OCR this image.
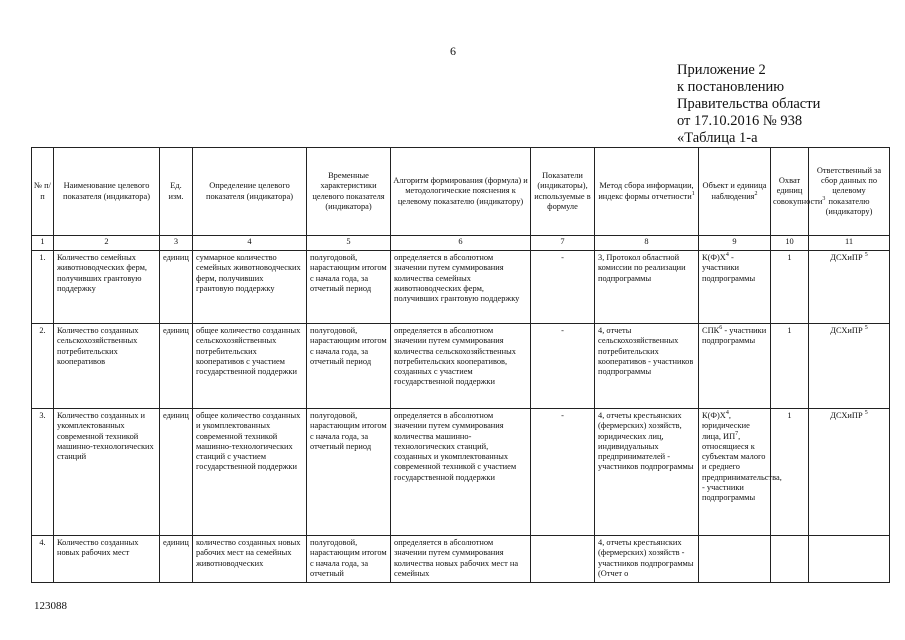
6
Приложение 2
к постановлению
Правительства области
от 17.10.2016 № 938
«Таблица 1-а
№ п/п	Наименование целевого показателя (индикатора)	Ед. изм.	Определение целевого показателя (индикатора)	Временные характеристики целевого показателя (индикатора)	Алгоритм формирования (формула) и методологические пояснения к целевому показателю (индикатору)	Показатели (индикаторы), используемые в формуле	Метод сбора информации, индекс формы отчетности$^1$	Объект и единица наблюдения$^2$	Охват единиц совокупности$^3$	Ответственный за сбор данных по целевому показателю (индикатору)
1	2	3	4	5	6	7	8	9	10	11
1.	Количество семейных животноводческих ферм, получивших грантовую поддержку	единиц	суммарное количество семейных животноводческих ферм, получивших грантовую поддержку	полугодовой, нарастающим итогом с начала года, за отчетный период	определяется в абсолютном значении путем суммирования количества семейных животноводческих ферм, получивших грантовую поддержку	-	3, Протокол областной комиссии по реализации подпрограммы	$К(Ф)Х^4$ - участники подпрограммы	1	ДСХиПР $^5$
2.	Количество созданных сельскохозяйственных потребительских кооперативов	единиц	общее количество созданных сельскохозяйственных потребительских кооперативов с участием государственной поддержки	полугодовой, нарастающим итогом с начала года, за отчетный период	определяется в абсолютном значении путем суммирования количества сельскохозяйственных потребительских кооперативов, созданных с участием государственной поддержки	-	4, отчеты сельскохозяйственных потребительских кооперативов - участников подпрограммы	СПК$^6$ - участники подпрограммы	1	ДСХиПР $^5$
3.	Количество созданных и укомплектованных современной техникой машинно-технологических станций	единиц	общее количество созданных и укомплектованных современной техникой машинно-технологических станций с участием государственной поддержки	полугодовой, нарастающим итогом с начала года, за отчетный период	определяется в абсолютном значении путем суммирования количества машинно-технологических станций, созданных и укомплектованных современной техникой с участием государственной поддержки	-	4, отчеты крестьянских (фермерских) хозяйств, юридических лиц, индивидуальных предпринимателей - участников подпрограммы	$К(Ф)Х^4$, юридические лица, $ИП^7$, относящиеся к субъектам малого и среднего предпринимательства, - участники подпрограммы	1	ДСХиПР $^5$
4.	Количество созданных новых рабочих мест	единиц	количество созданных новых рабочих мест на семейных животноводческих	полугодовой, нарастающим итогом с начала года, за отчетный	определяется в абсолютном значении путем суммирования количества новых рабочих мест на семейных		4, отчеты крестьянских (фермерских) хозяйств - участников подпрограммы (Отчет о			
123088
